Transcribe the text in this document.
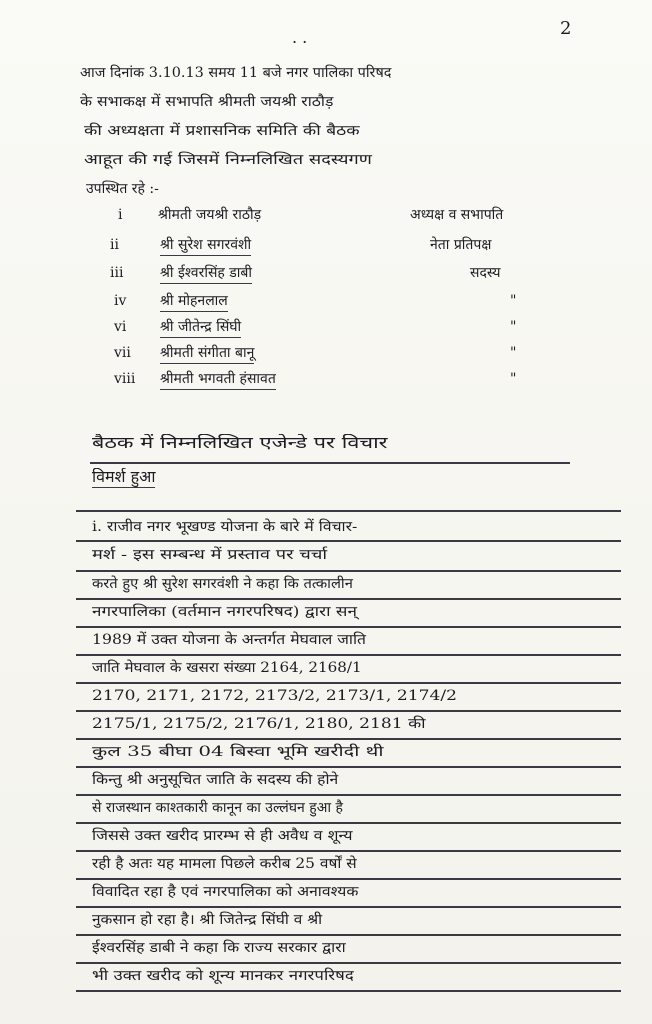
2
. .
आज दिनांक 3.10.13 समय 11 बजे नगर पालिका परिषद
के सभाकक्ष में सभापति श्रीमती जयश्री राठौड़
की अध्यक्षता में प्रशासनिक समिति की बैठक
आहूत की गई जिसमें निम्नलिखित सदस्यगण
उपस्थित रहे :-
i	श्रीमती जयश्री राठौड़	अध्यक्ष व सभापति
ii	श्री सुरेश सगरवंशी	नेता प्रतिपक्ष
iii	श्री ईश्वरसिंह डाबी	सदस्य
iv	श्री मोहनलाल	"
vi	श्री जीतेन्द्र सिंघी	"
vii	श्रीमती संगीता बानू	"
viii	श्रीमती भगवती हंसावत	"
बैठक में निम्नलिखित एजेन्डे पर विचार
विमर्श हुआ
i. राजीव नगर भूखण्ड योजना के बारे में विचार-
मर्श - इस सम्बन्ध में प्रस्ताव पर चर्चा
करते हुए श्री सुरेश सगरवंशी ने कहा कि तत्कालीन
नगरपालिका (वर्तमान नगरपरिषद) द्वारा सन्
1989 में उक्त योजना के अन्तर्गत मेघवाल जाति
जाति मेघवाल के खसरा संख्या 2164, 2168/1
2170, 2171, 2172, 2173/2, 2173/1, 2174/2
2175/1, 2175/2, 2176/1, 2180, 2181 की
कुल 35 बीघा 04 बिस्वा भूमि खरीदी थी
किन्तु श्री अनुसूचित जाति के सदस्य की होने
से राजस्थान काश्तकारी कानून का उल्लंघन हुआ है
जिससे उक्त खरीद प्रारम्भ से ही अवैध व शून्य
रही है अतः यह मामला पिछले करीब 25 वर्षों से
विवादित रहा है एवं नगरपालिका को अनावश्यक
नुकसान हो रहा है। श्री जितेन्द्र सिंघी व श्री
ईश्वरसिंह डाबी ने कहा कि राज्य सरकार द्वारा
भी उक्त खरीद को शून्य मानकर नगरपरिषद
